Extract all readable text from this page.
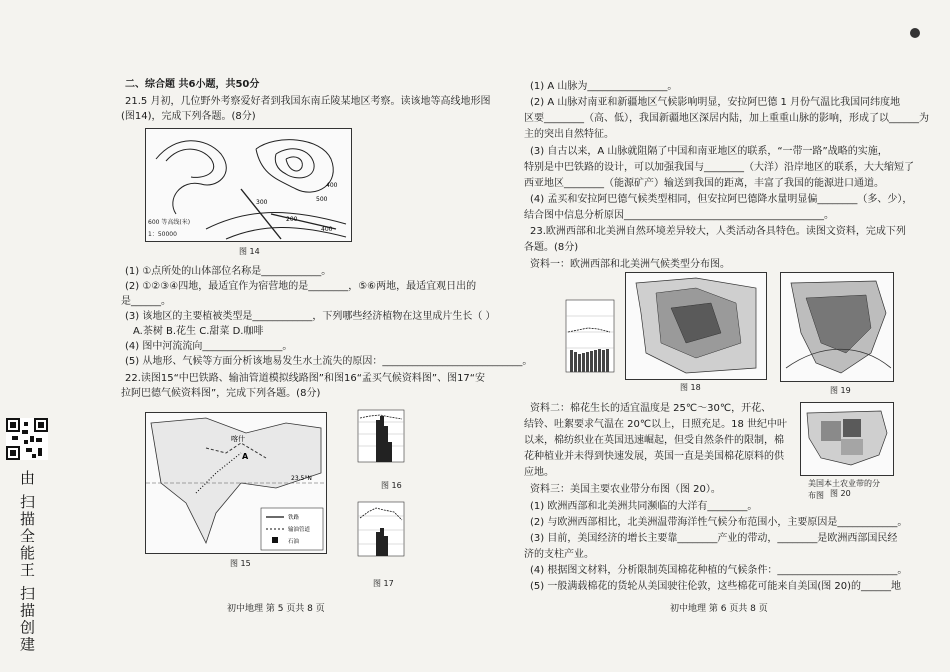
由 扫描全能王 扫描创建
二、综合题 共6小题，共50分
21.5 月初，几位野外考察爱好者到我国东南丘陵某地区考察。读该地等高线地形图
(图14)，完成下列各题。(8分)
600 等高线(米)
1：50000
500
400
300
200
400
图 14
(1) ①点所处的山体部位名称是____________。
(2) ①②③④四地，最适宜作为宿营地的是________，⑤⑥两地，最适宜观日出的
是______。
(3) 该地区的主要植被类型是____________，下列哪些经济植物在这里成片生长（ ）
A.茶树 B.花生 C.甜菜 D.咖啡
(4) 图中河流流向________________。
(5) 从地形、气候等方面分析该地易发生水土流失的原因：____________________________。
22.读图15“中巴铁路、输油管道模拟线路图”和图16“孟买气候资料图”、图17“安
拉阿巴德气候资料图”，完成下列各题。(8分)
喀什
A
23.5°N
铁路
输油管道
石油
图 15
图 16
图 17
初中地理 第 5 页共 8 页
(1) A 山脉为________________。
(2) A 山脉对南亚和新疆地区气候影响明显，安拉阿巴德 1 月份气温比我国同纬度地
区要________（高、低），我国新疆地区深居内陆，加上重重山脉的影响，形成了以______为
主的突出自然特征。
(3) 自古以来，A 山脉就阻隔了中国和南亚地区的联系，“一带一路”战略的实施，
特别是中巴铁路的设计，可以加强我国与________（大洋）沿岸地区的联系，大大缩短了
西亚地区________（能源矿产）输送到我国的距离，丰富了我国的能源进口通道。
(4) 孟买和安拉阿巴德气候类型相同，但安拉阿巴德降水量明显偏________（多、少），
结合图中信息分析原因________________________________________。
23.欧洲西部和北美洲自然环境差异较大，人类活动各具特色。读图文资料，完成下列
各题。(8分)
资料一：欧洲西部和北美洲气候类型分布图。
图 18	图 19
资料二：棉花生长的适宜温度是 25℃～30℃，开花、
结铃、吐絮要求气温在 20℃以上，日照充足。18 世纪中叶
以来，棉纺织业在英国迅速崛起，但受自然条件的限制，棉
花种植业并未得到快速发展，英国一直是美国棉花原料的供
应地。
美国本土农业带的分布图 图 20
资料三：美国主要农业带分布图（图 20）。
(1) 欧洲西部和北美洲共同濒临的大洋有________。
(2) 与欧洲西部相比，北美洲温带海洋性气候分布范围小，主要原因是____________。
(3) 目前，美国经济的增长主要靠________产业的带动，________是欧洲西部国民经
济的支柱产业。
(4) 根据图文材料，分析限制英国棉花种植的气候条件：________________________。
(5) 一般满载棉花的货轮从美国驶往伦敦，这些棉花可能来自美国(图 20)的______地
初中地理 第 6 页共 8 页
